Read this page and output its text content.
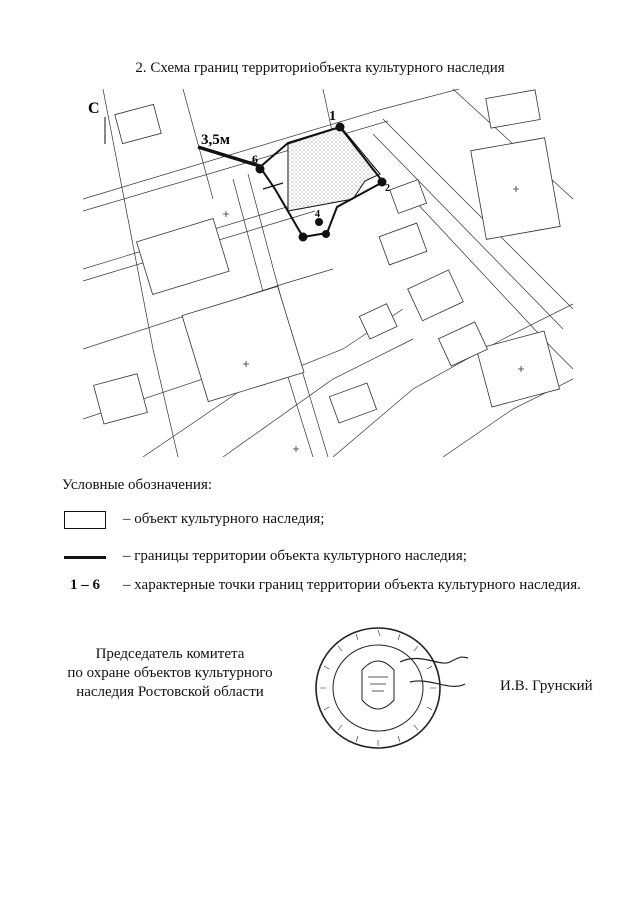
2. Схема границ территориiобъекта культурного наследия
С
3,5м
1
2
4
6
Условные обозначения:
– объект культурного наследия;
– границы территории объекта культурного наследия;
1 – 6	– характерные точки границ территории объекта культурного наследия.
Председатель комитета
по охране объектов культурного
наследия Ростовской области	И.В. Грунский
